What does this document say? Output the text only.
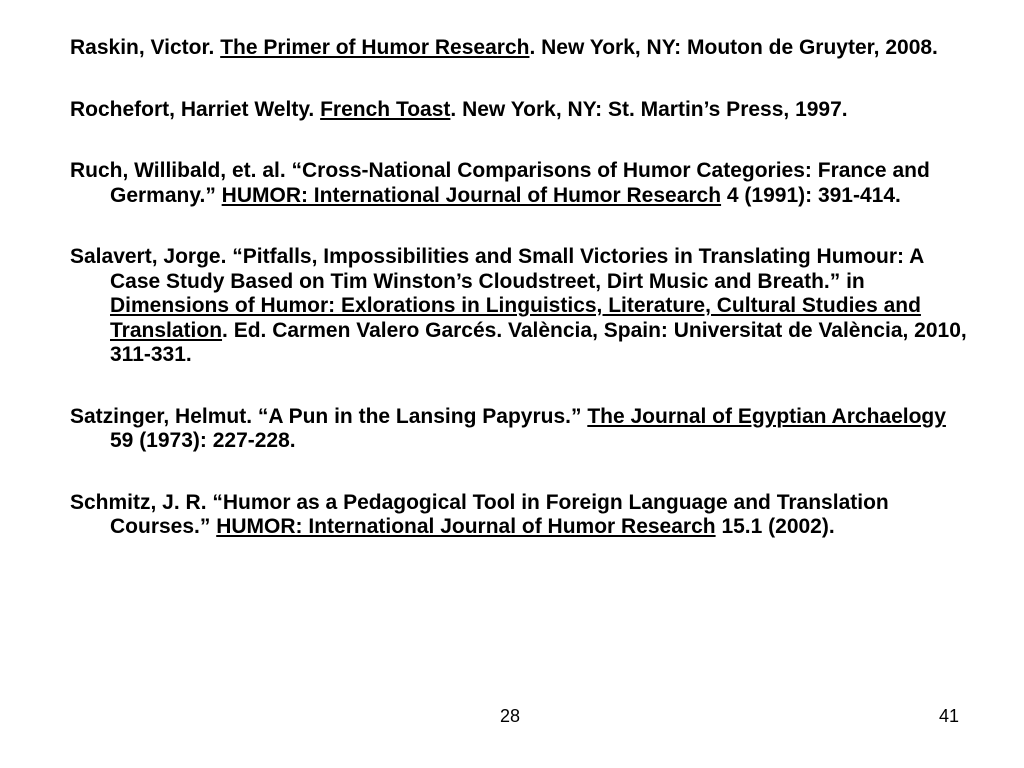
Raskin, Victor. The Primer of Humor Research. New York, NY: Mouton de Gruyter, 2008.
Rochefort, Harriet Welty. French Toast. New York, NY: St. Martin’s Press, 1997.
Ruch, Willibald, et. al. “Cross-National Comparisons of Humor Categories: France and Germany.” HUMOR: International Journal of Humor Research 4 (1991): 391-414.
Salavert, Jorge. “Pitfalls, Impossibilities and Small Victories in Translating Humour: A Case Study Based on Tim Winston’s Cloudstreet, Dirt Music and Breath.” in Dimensions of Humor: Exlorations in Linguistics, Literature, Cultural Studies and Translation. Ed. Carmen Valero Garcés. València, Spain: Universitat de València, 2010, 311-331.
Satzinger, Helmut. “A Pun in the Lansing Papyrus.” The Journal of Egyptian Archaelogy 59 (1973): 227-228.
Schmitz, J. R. “Humor as a Pedagogical Tool in Foreign Language and Translation Courses.” HUMOR: International Journal of Humor Research 15.1 (2002).
28	41
